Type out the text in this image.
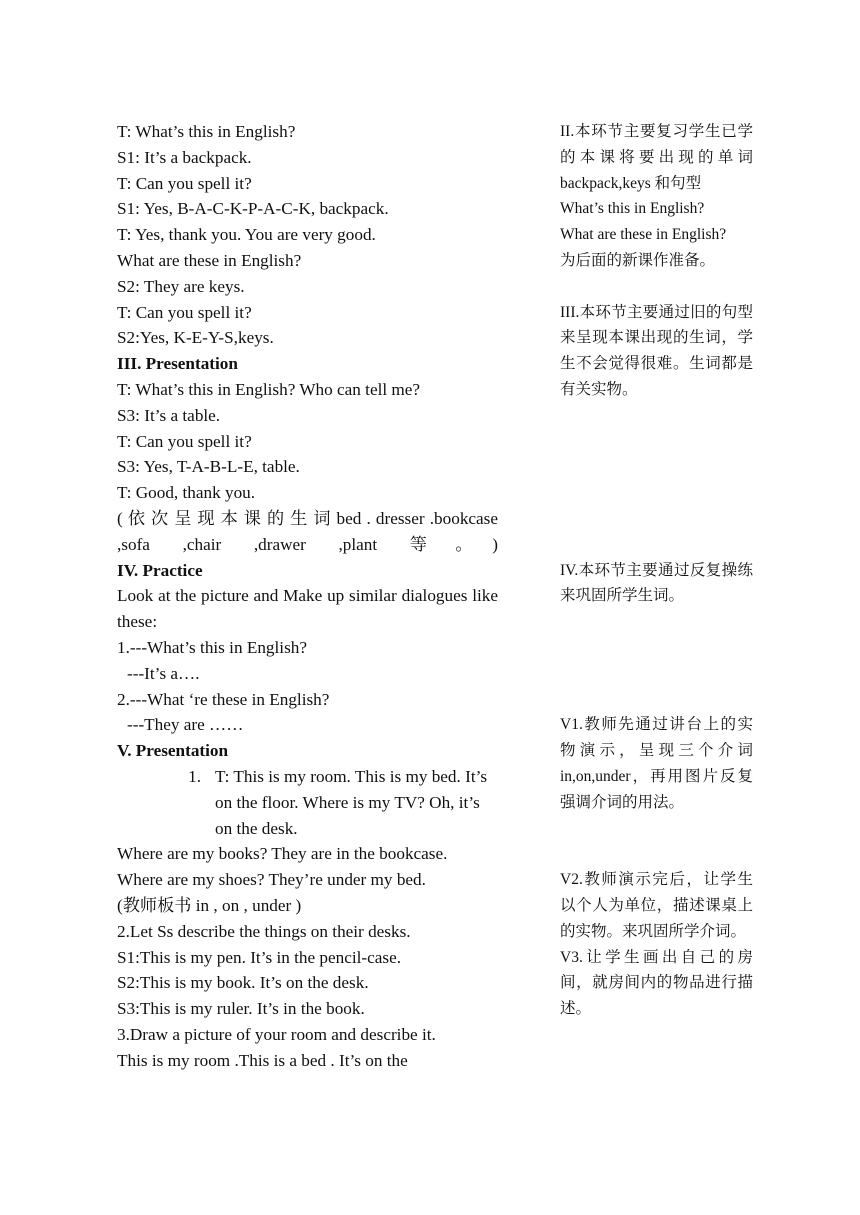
T: What’s this in English?
S1: It’s a backpack.
T: Can you spell it?
S1: Yes, B-A-C-K-P-A-C-K, backpack.
T: Yes, thank you. You are very good.
What are these in English?
S2: They are keys.
T: Can you spell it?
S2:Yes, K-E-Y-S,keys.
III. Presentation
T: What’s this in English? Who can tell me?
S3: It’s a table.
T: Can you spell it?
S3: Yes, T-A-B-L-E, table.
T: Good, thank you.
( 依 次 呈 现 本 课 的 生 词 bed . dresser .bookcase ,sofa ,chair ,drawer ,plant 等。)
IV. Practice
Look at the picture and Make up similar dialogues like these:
1.---What’s this in English?
---It’s a….
2.---What ‘re these in English?
---They are ……
V. Presentation
1. T: This is my room. This is my bed. It’s on the floor. Where is my TV? Oh, it’s on the desk.
Where are my books? They are in the bookcase.
Where are my shoes? They’re under my bed.
(教师板书 in , on , under )
2.Let Ss describe the things on their desks.
S1:This is my pen. It’s in the pencil-case.
S2:This is my book. It’s on the desk.
S3:This is my ruler. It’s in the book.
3.Draw a picture of your room and describe it.
This is my room .This is a bed . It’s on the
II.本环节主要复习学生已学的本课将要出现的单词 backpack,keys 和句型
What’s this in English?
What are these in English?
为后面的新课作准备。
III.本环节主要通过旧的句型来呈现本课出现的生词，学生不会觉得很难。生词都是有关实物。
IV.本环节主要通过反复操练来巩固所学生词。
V1.教师先通过讲台上的实物演示，呈现三个介词 in,on,under，再用图片反复强调介词的用法。
V2.教师演示完后，让学生以个人为单位，描述课桌上的实物。来巩固所学介词。
V3.让学生画出自己的房间，就房间内的物品进行描述。
